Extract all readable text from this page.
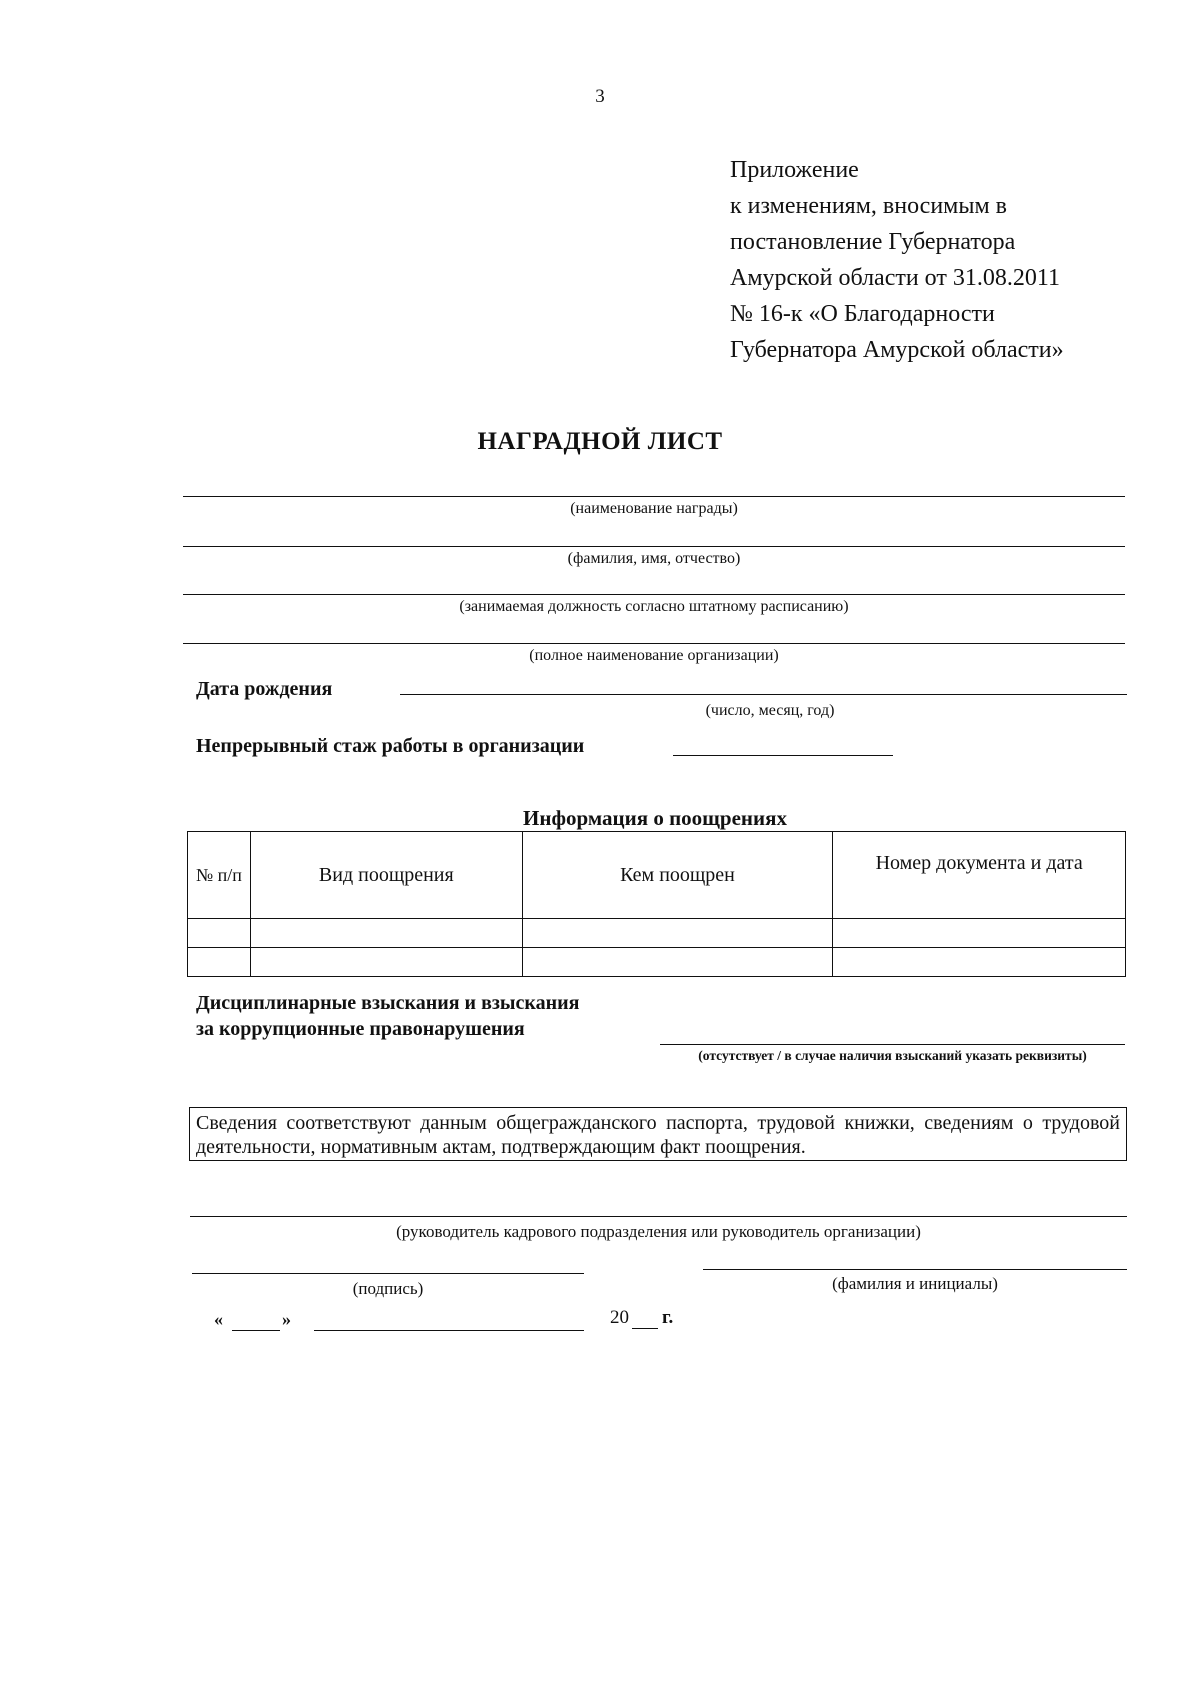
3
Приложение
к изменениям, вносимым в
постановление Губернатора
Амурской области от 31.08.2011
№ 16-к «О Благодарности
Губернатора Амурской области»
НАГРАДНОЙ ЛИСТ
(наименование награды)
(фамилия, имя, отчество)
(занимаемая должность согласно штатному расписанию)
(полное наименование организации)
Дата рождения
(число, месяц, год)
Непрерывный стаж работы в организации
Информация о поощрениях
№ п/п	Вид поощрения	Кем поощрен	Номер документа и дата

Дисциплинарные взыскания и взыскания
за коррупционные правонарушения
(отсутствует / в случае наличия взысканий указать реквизиты)
Сведения соответствуют данным общегражданского паспорта, трудовой книжки, сведениям о трудовой деятельности, нормативным актам, подтверждающим факт поощрения.
(руководитель кадрового подразделения или руководитель организации)
(подпись)	(фамилия и инициалы)
«	»	20 г.
